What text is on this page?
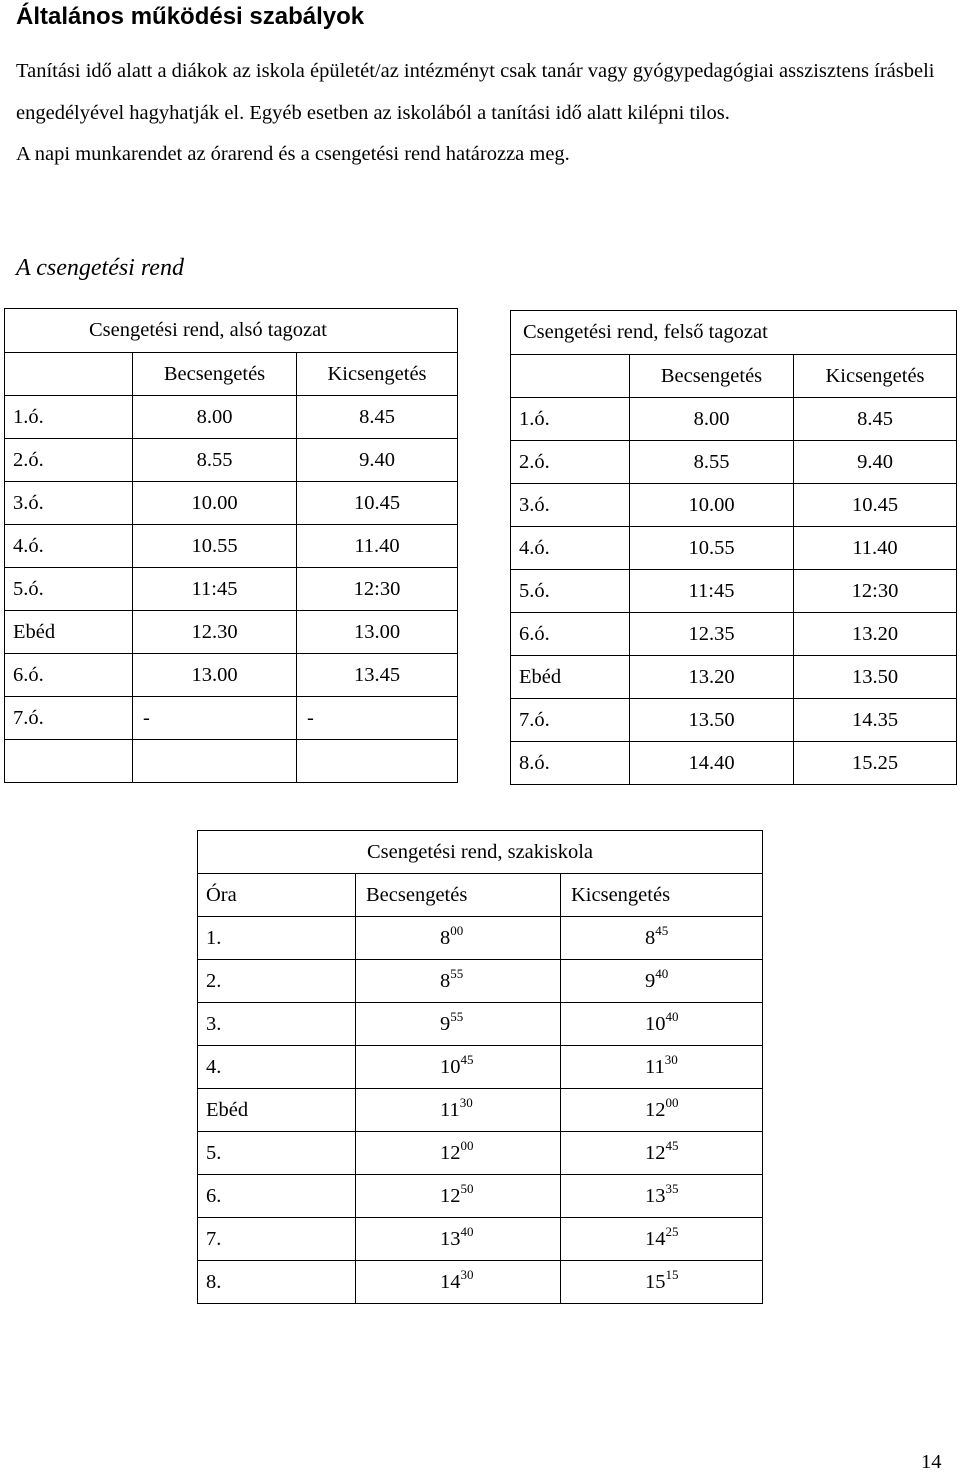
Általános működési szabályok

Tanítási idő alatt a diákok az iskola épületét/az intézményt csak tanár vagy gyógypedagógiai asszisztens írásbeli engedélyével hagyhatják el. Egyéb esetben az iskolából a tanítási idő alatt kilépni tilos.

A napi munkarendet az órarend és a csengetési rend határozza meg.

A csengetési rend
Csengetési rend, alsó tagozat		
	Becsengetés	Kicsengetés
1.ó.	8.00	8.45
2.ó.	8.55	9.40
3.ó.	10.00	10.45
4.ó.	10.55	11.40
5.ó.	11:45	12:30
Ebéd	12.30	13.00
6.ó.	13.00	13.45
7.ó.	-	-

Csengetési rend, felső tagozat		
	Becsengetés	Kicsengetés
1.ó.	8.00	8.45
2.ó.	8.55	9.40
3.ó.	10.00	10.45
4.ó.	10.55	11.40
5.ó.	11:45	12:30
6.ó.	12.35	13.20
Ebéd	13.20	13.50
7.ó.	13.50	14.35
8.ó.	14.40	15.25
Csengetési rend, szakiskola		
Óra	Becsengetés	Kicsengetés
1.	$8^{00}$	$8^{45}$
2.	$8^{55}$	$9^{40}$
3.	$9^{55}$	$10^{40}$
4.	$10^{45}$	$11^{30}$
Ebéd	$11^{30}$	$12^{00}$
5.	$12^{00}$	$12^{45}$
6.	$12^{50}$	$13^{35}$
7.	$13^{40}$	$14^{25}$
8.	$14^{30}$	$15^{15}$
14
